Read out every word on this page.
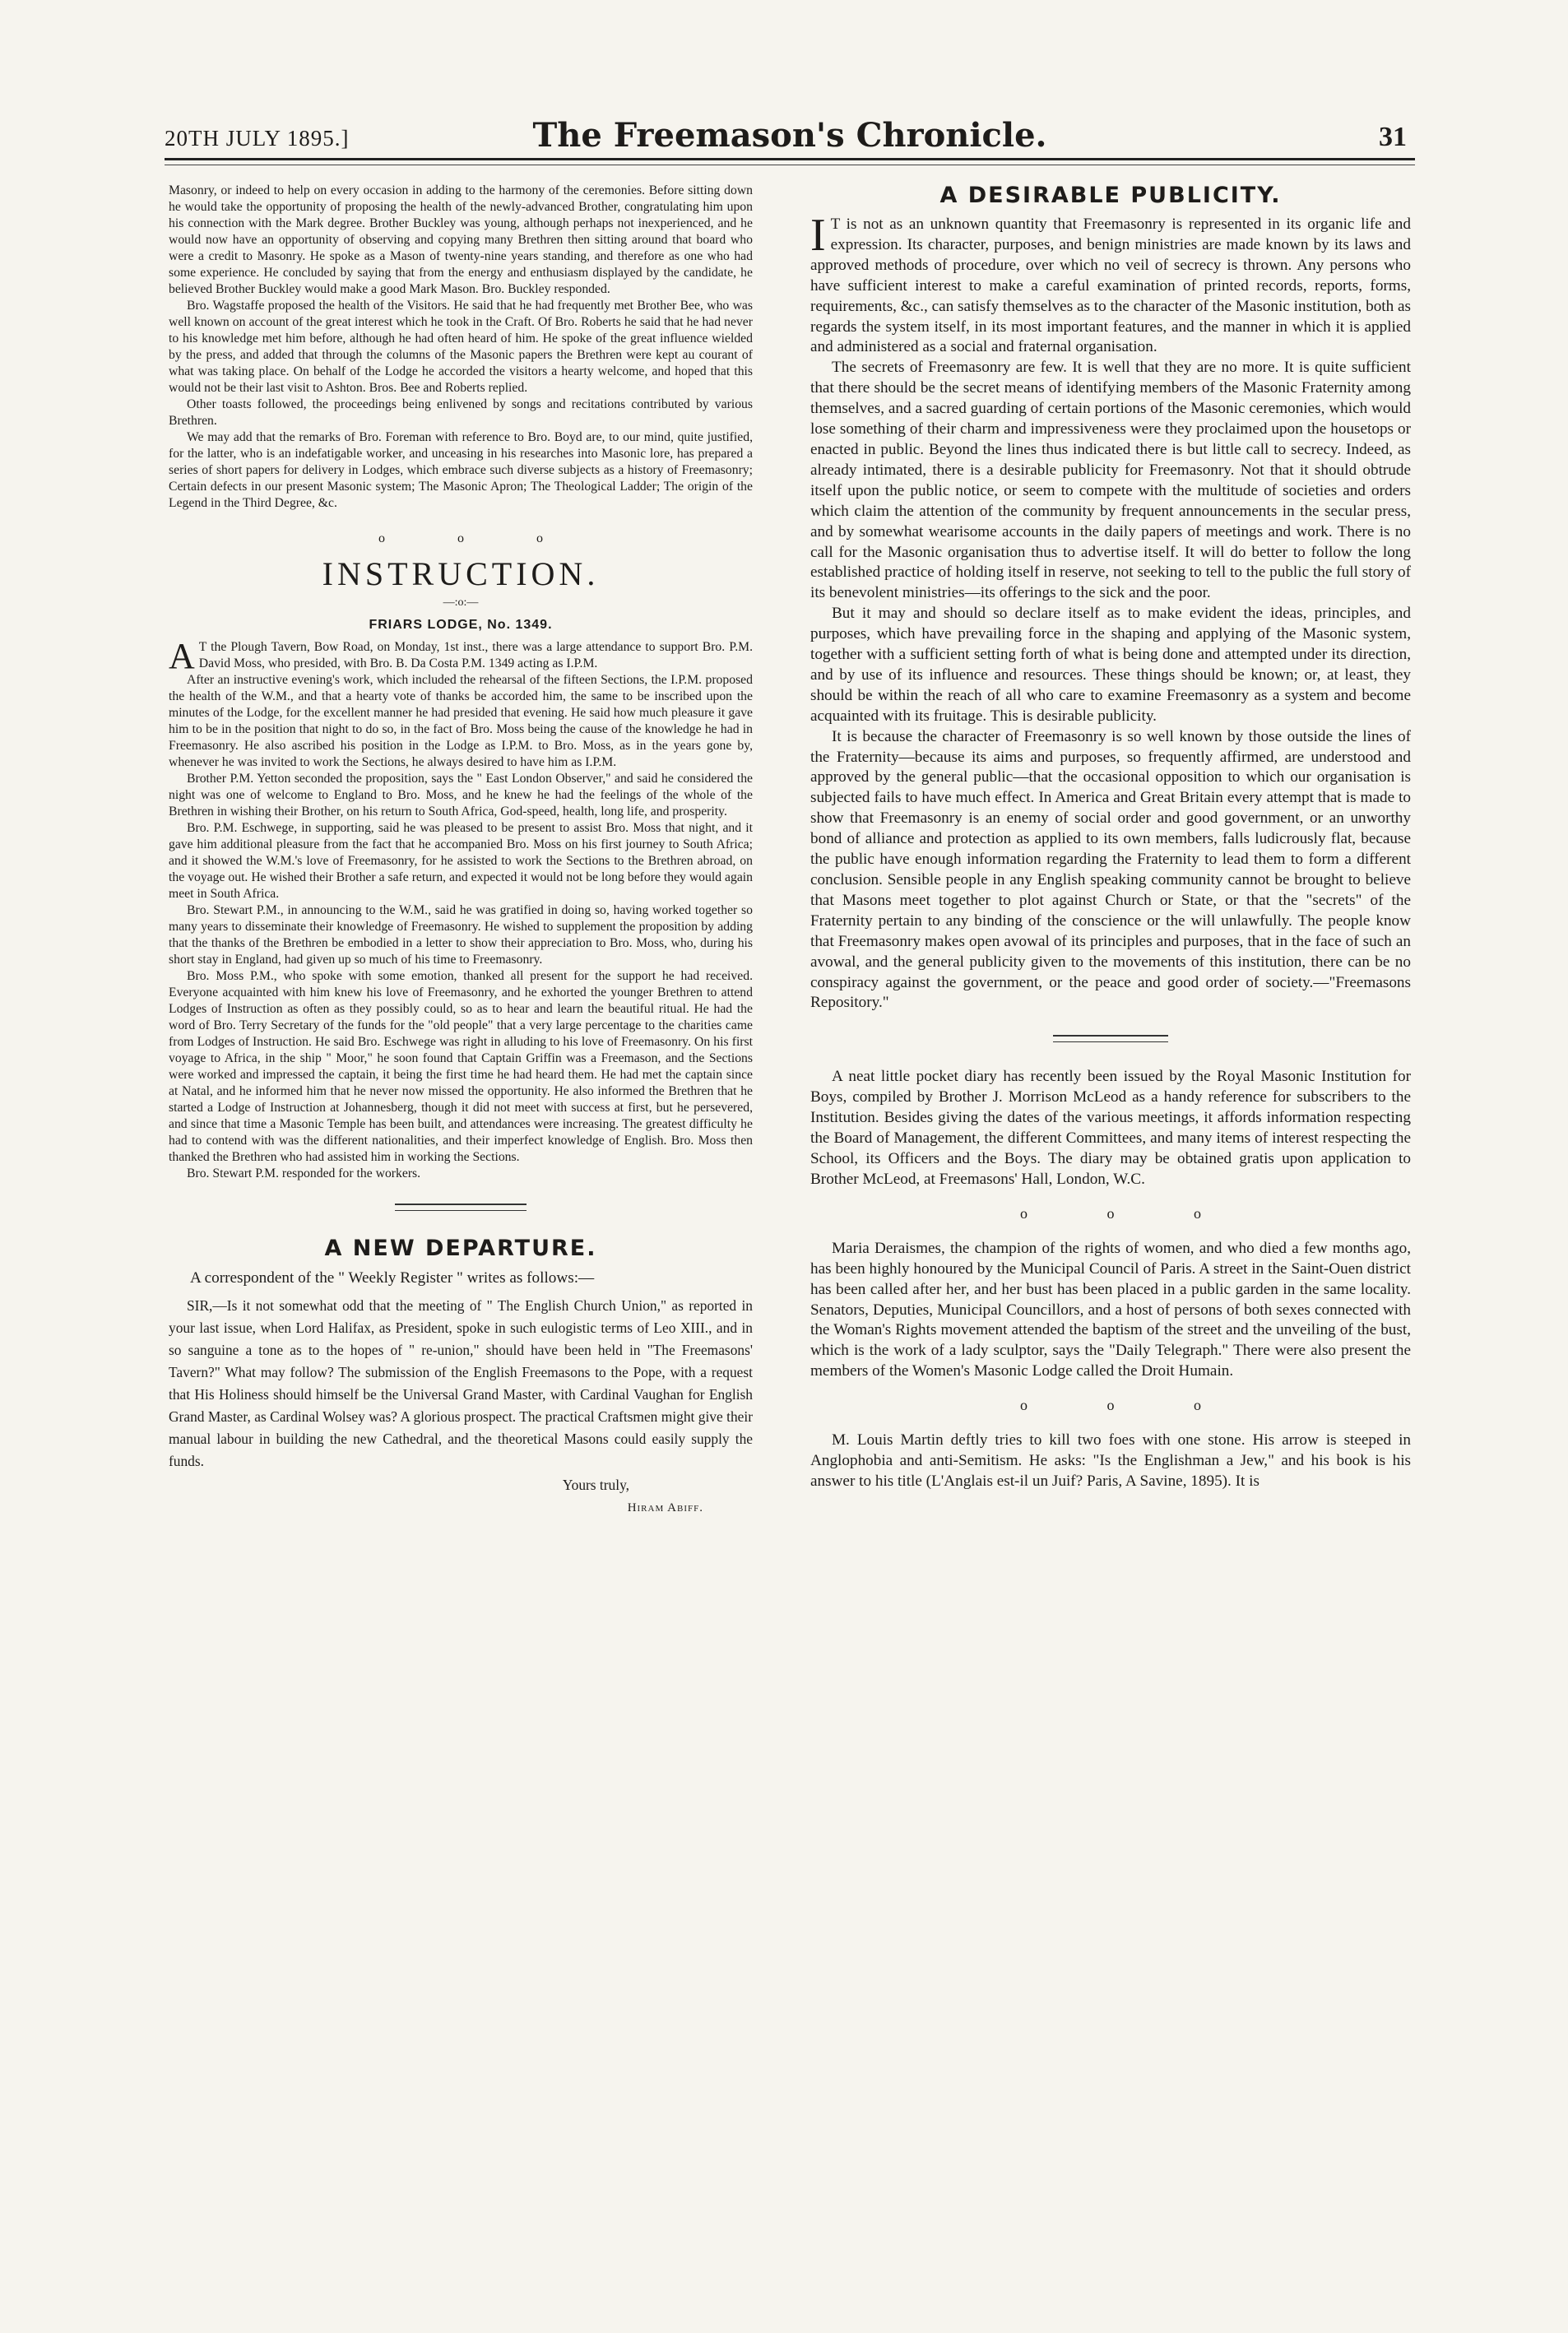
20TH JULY 1895.]	The Freemason's Chronicle.	31

Masonry, or indeed to help on every occasion in adding to the harmony of the ceremonies. Before sitting down he would take the opportunity of proposing the health of the newly-advanced Brother, congratulating him upon his connection with the Mark degree. Brother Buckley was young, although perhaps not inexperienced, and he would now have an opportunity of observing and copying many Brethren then sitting around that board who were a credit to Masonry. He spoke as a Mason of twenty-nine years standing, and therefore as one who had some experience. He concluded by saying that from the energy and enthusiasm displayed by the candidate, he believed Brother Buckley would make a good Mark Mason. Bro. Buckley responded.

Bro. Wagstaffe proposed the health of the Visitors. He said that he had frequently met Brother Bee, who was well known on account of the great interest which he took in the Craft. Of Bro. Roberts he said that he had never to his knowledge met him before, although he had often heard of him. He spoke of the great influence wielded by the press, and added that through the columns of the Masonic papers the Brethren were kept au courant of what was taking place. On behalf of the Lodge he accorded the visitors a hearty welcome, and hoped that this would not be their last visit to Ashton. Bros. Bee and Roberts replied.

Other toasts followed, the proceedings being enlivened by songs and recitations contributed by various Brethren.

We may add that the remarks of Bro. Foreman with reference to Bro. Boyd are, to our mind, quite justified, for the latter, who is an indefatigable worker, and unceasing in his researches into Masonic lore, has prepared a series of short papers for delivery in Lodges, which embrace such diverse subjects as a history of Freemasonry; Certain defects in our present Masonic system; The Masonic Apron; The Theological Ladder; The origin of the Legend in the Third Degree, &c.

o o o
INSTRUCTION.
—:o:—
FRIARS LODGE, No. 1349.

A T the Plough Tavern, Bow Road, on Monday, 1st inst., there was a large attendance to support Bro. P.M. David Moss, who presided, with Bro. B. Da Costa P.M. 1349 acting as I.P.M.

After an instructive evening's work, which included the rehearsal of the fifteen Sections, the I.P.M. proposed the health of the W.M., and that a hearty vote of thanks be accorded him, the same to be inscribed upon the minutes of the Lodge, for the excellent manner he had presided that evening. He said how much pleasure it gave him to be in the position that night to do so, in the fact of Bro. Moss being the cause of the knowledge he had in Freemasonry. He also ascribed his position in the Lodge as I.P.M. to Bro. Moss, as in the years gone by, whenever he was invited to work the Sections, he always desired to have him as I.P.M.

Brother P.M. Yetton seconded the proposition, says the " East London Observer," and said he considered the night was one of welcome to England to Bro. Moss, and he knew he had the feelings of the whole of the Brethren in wishing their Brother, on his return to South Africa, God-speed, health, long life, and prosperity.

Bro. P.M. Eschwege, in supporting, said he was pleased to be present to assist Bro. Moss that night, and it gave him additional pleasure from the fact that he accompanied Bro. Moss on his first journey to South Africa; and it showed the W.M.'s love of Freemasonry, for he assisted to work the Sections to the Brethren abroad, on the voyage out. He wished their Brother a safe return, and expected it would not be long before they would again meet in South Africa.

Bro. Stewart P.M., in announcing to the W.M., said he was gratified in doing so, having worked together so many years to disseminate their knowledge of Freemasonry. He wished to supplement the proposition by adding that the thanks of the Brethren be embodied in a letter to show their appreciation to Bro. Moss, who, during his short stay in England, had given up so much of his time to Freemasonry.

Bro. Moss P.M., who spoke with some emotion, thanked all present for the support he had received. Everyone acquainted with him knew his love of Freemasonry, and he exhorted the younger Brethren to attend Lodges of Instruction as often as they possibly could, so as to hear and learn the beautiful ritual. He had the word of Bro. Terry Secretary of the funds for the "old people" that a very large percentage to the charities came from Lodges of Instruction. He said Bro. Eschwege was right in alluding to his love of Freemasonry. On his first voyage to Africa, in the ship " Moor," he soon found that Captain Griffin was a Freemason, and the Sections were worked and impressed the captain, it being the first time he had heard them. He had met the captain since at Natal, and he informed him that he never now missed the opportunity. He also informed the Brethren that he started a Lodge of Instruction at Johannesberg, though it did not meet with success at first, but he persevered, and since that time a Masonic Temple has been built, and attendances were increasing. The greatest difficulty he had to contend with was the different nationalities, and their imperfect knowledge of English. Bro. Moss then thanked the Brethren who had assisted him in working the Sections.

Bro. Stewart P.M. responded for the workers.

A NEW DEPARTURE.

A correspondent of the " Weekly Register " writes as follows:—

SIR,—Is it not somewhat odd that the meeting of " The English Church Union," as reported in your last issue, when Lord Halifax, as President, spoke in such eulogistic terms of Leo XIII., and in so sanguine a tone as to the hopes of " re-union," should have been held in "The Freemasons' Tavern?" What may follow? The submission of the English Freemasons to the Pope, with a request that His Holiness should himself be the Universal Grand Master, with Cardinal Vaughan for English Grand Master, as Cardinal Wolsey was? A glorious prospect. The practical Craftsmen might give their manual labour in building the new Cathedral, and the theoretical Masons could easily supply the funds.

Yours truly,
Hiram Abiff.
A DESIRABLE PUBLICITY.

I T is not as an unknown quantity that Freemasonry is represented in its organic life and expression. Its character, purposes, and benign ministries are made known by its laws and approved methods of procedure, over which no veil of secrecy is thrown. Any persons who have sufficient interest to make a careful examination of printed records, reports, forms, requirements, &c., can satisfy themselves as to the character of the Masonic institution, both as regards the system itself, in its most important features, and the manner in which it is applied and administered as a social and fraternal organisation.

The secrets of Freemasonry are few. It is well that they are no more. It is quite sufficient that there should be the secret means of identifying members of the Masonic Fraternity among themselves, and a sacred guarding of certain portions of the Masonic ceremonies, which would lose something of their charm and impressiveness were they proclaimed upon the housetops or enacted in public. Beyond the lines thus indicated there is but little call to secrecy. Indeed, as already intimated, there is a desirable publicity for Freemasonry. Not that it should obtrude itself upon the public notice, or seem to compete with the multitude of societies and orders which claim the attention of the community by frequent announcements in the secular press, and by somewhat wearisome accounts in the daily papers of meetings and work. There is no call for the Masonic organisation thus to advertise itself. It will do better to follow the long established practice of holding itself in reserve, not seeking to tell to the public the full story of its benevolent ministries—its offerings to the sick and the poor.

But it may and should so declare itself as to make evident the ideas, principles, and purposes, which have prevailing force in the shaping and applying of the Masonic system, together with a sufficient setting forth of what is being done and attempted under its direction, and by use of its influence and resources. These things should be known; or, at least, they should be within the reach of all who care to examine Freemasonry as a system and become acquainted with its fruitage. This is desirable publicity.

It is because the character of Freemasonry is so well known by those outside the lines of the Fraternity—because its aims and purposes, so frequently affirmed, are understood and approved by the general public—that the occasional opposition to which our organisation is subjected fails to have much effect. In America and Great Britain every attempt that is made to show that Freemasonry is an enemy of social order and good government, or an unworthy bond of alliance and protection as applied to its own members, falls ludicrously flat, because the public have enough information regarding the Fraternity to lead them to form a different conclusion. Sensible people in any English speaking community cannot be brought to believe that Masons meet together to plot against Church or State, or that the "secrets" of the Fraternity pertain to any binding of the conscience or the will unlawfully. The people know that Freemasonry makes open avowal of its principles and purposes, that in the face of such an avowal, and the general publicity given to the movements of this institution, there can be no conspiracy against the government, or the peace and good order of society.—"Freemasons Repository."

A neat little pocket diary has recently been issued by the Royal Masonic Institution for Boys, compiled by Brother J. Morrison McLeod as a handy reference for subscribers to the Institution. Besides giving the dates of the various meetings, it affords information respecting the Board of Management, the different Committees, and many items of interest respecting the School, its Officers and the Boys. The diary may be obtained gratis upon application to Brother McLeod, at Freemasons' Hall, London, W.C.

o o o

Maria Deraismes, the champion of the rights of women, and who died a few months ago, has been highly honoured by the Municipal Council of Paris. A street in the Saint-Ouen district has been called after her, and her bust has been placed in a public garden in the same locality. Senators, Deputies, Municipal Councillors, and a host of persons of both sexes connected with the Woman's Rights movement attended the baptism of the street and the unveiling of the bust, which is the work of a lady sculptor, says the "Daily Telegraph." There were also present the members of the Women's Masonic Lodge called the Droit Humain.

o o o

M. Louis Martin deftly tries to kill two foes with one stone. His arrow is steeped in Anglophobia and anti-Semitism. He asks: "Is the Englishman a Jew," and his book is his answer to his title (L'Anglais est-il un Juif? Paris, A Savine, 1895). It is
